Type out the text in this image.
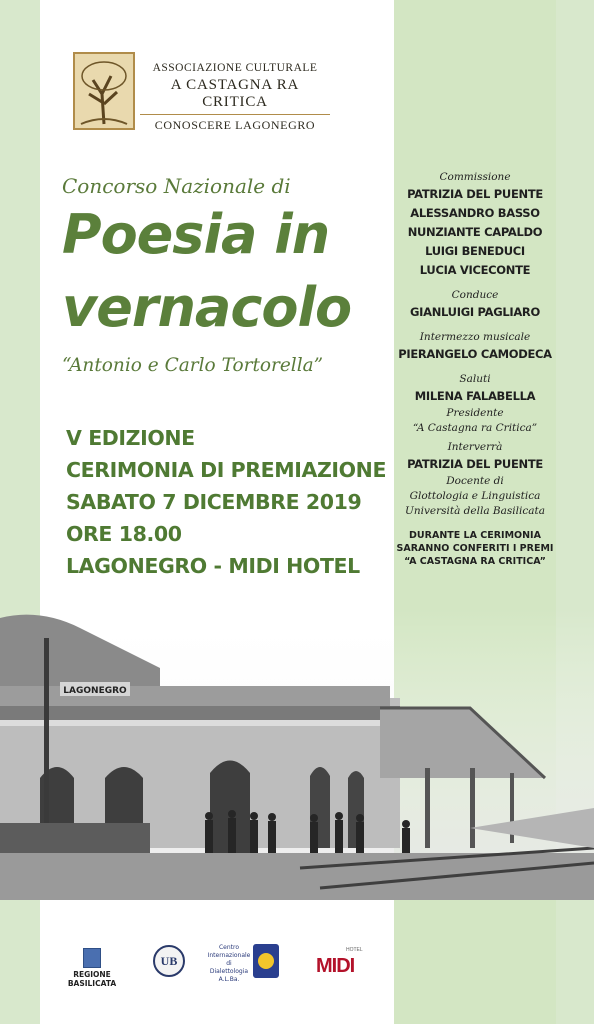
ASSOCIAZIONE CULTURALE
A CASTAGNA RA CRITICA
CONOSCERE LAGONEGRO
Concorso Nazionale di
Poesia in
vernacolo
“Antonio e Carlo Tortorella”
V EDIZIONE
CERIMONIA DI PREMIAZIONE
SABATO 7 DICEMBRE 2019
ORE 18.00
LAGONEGRO - MIDI HOTEL
Commissione
PATRIZIA DEL PUENTE
ALESSANDRO BASSO
NUNZIANTE CAPALDO
LUIGI BENEDUCI
LUCIA VICECONTE
Conduce
GIANLUIGI PAGLIARO
Intermezzo musicale
PIERANGELO CAMODECA
Saluti
MILENA FALABELLA
Presidente
“A Castagna ra Critica”
Interverrà
PATRIZIA DEL PUENTE
Docente di
Glottologia e Linguistica
Università della Basilicata
DURANTE LA CERIMONIA
SARANNO CONFERITI I PREMI
“A CASTAGNA RA CRITICA”
LAGONEGRO
REGIONE BASILICATA
UB
Centro
Internazionale
di
Dialettologia
A.L.Ba.
HOTEL
MIDI
